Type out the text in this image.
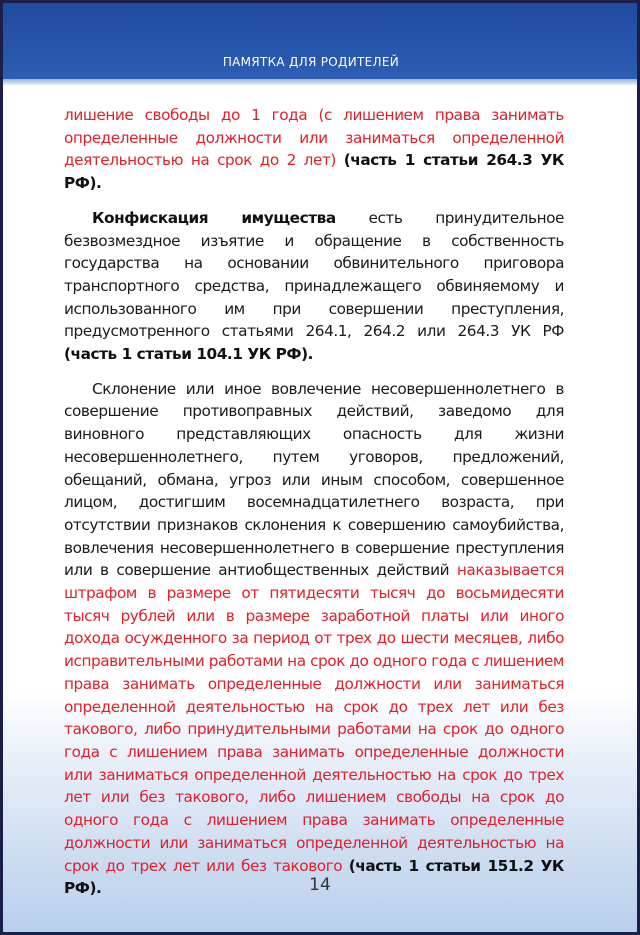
ПАМЯТКА ДЛЯ РОДИТЕЛЕЙ

лишение свободы до 1 года (с лишением права занимать определенные должности или заниматься определенной деятельностью на срок до 2 лет) (часть 1 статьи 264.3 УК РФ).

Конфискация имущества есть принудительное безвозмездное изъятие и обращение в собственность государства на основании обвинительного приговора транспортного средства, принадлежащего обвиняемому и использованного им при совершении преступления, предусмотренного статьями 264.1, 264.2 или 264.3 УК РФ (часть 1 статьи 104.1 УК РФ).

Склонение или иное вовлечение несовершеннолетнего в совершение противоправных действий, заведомо для виновного представляющих опасность для жизни несовершеннолетнего, путем уговоров, предложений, обещаний, обмана, угроз или иным способом, совершенное лицом, достигшим восемнадцатилетнего возраста, при отсутствии признаков склонения к совершению самоубийства, вовлечения несовершеннолетнего в совершение преступления или в совершение антиобщественных действий наказывается штрафом в размере от пятидесяти тысяч до восьмидесяти тысяч рублей или в размере заработной платы или иного дохода осужденного за период от трех до шести месяцев, либо исправительными работами на срок до одного года с лишением права занимать определенные должности или заниматься определенной деятельностью на срок до трех лет или без такового, либо принудительными работами на срок до одного года с лишением права занимать определенные должности или заниматься определенной деятельностью на срок до трех лет или без такового, либо лишением свободы на срок до одного года с лишением права занимать определенные должности или заниматься определенной деятельностью на срок до трех лет или без такового (часть 1 статьи 151.2 УК РФ).	14
